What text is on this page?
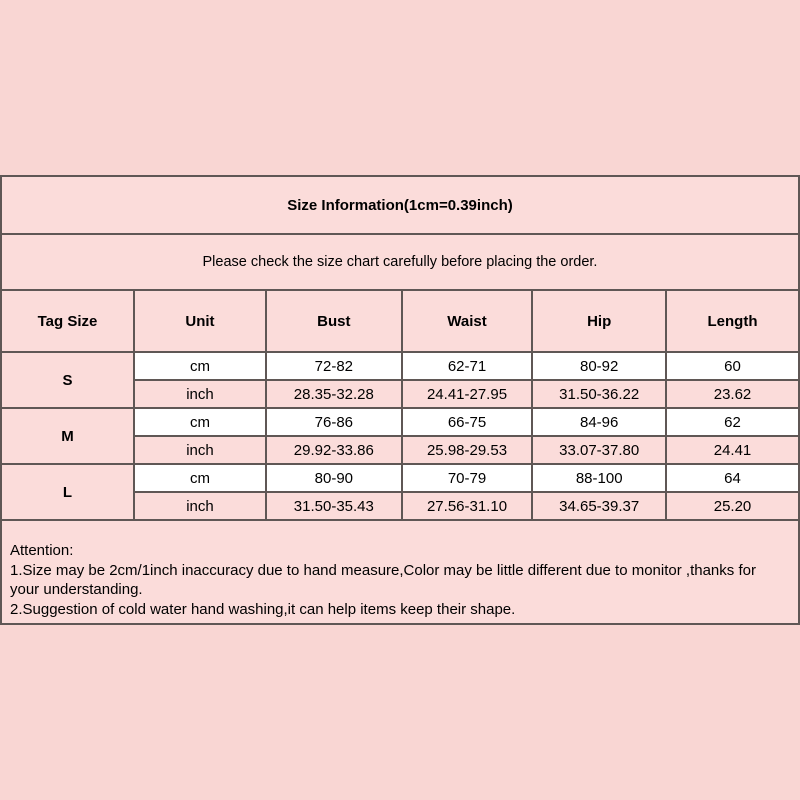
Size Information(1cm=0.39inch)					
Please check the size chart carefully before placing the order.					
Tag Size	Unit	Bust	Waist	Hip	Length
S	cm	72-82	62-71	80-92	60
	inch	28.35-32.28	24.41-27.95	31.50-36.22	23.62
M	cm	76-86	66-75	84-96	62
	inch	29.92-33.86	25.98-29.53	33.07-37.80	24.41
L	cm	80-90	70-79	88-100	64
	inch	31.50-35.43	27.56-31.10	34.65-39.37	25.20

Attention:
1.Size may be 2cm/1inch inaccuracy due to hand measure,Color may be little different due to monitor ,thanks for your understanding.
2.Suggestion of cold water hand washing,it can help items keep their shape.					
